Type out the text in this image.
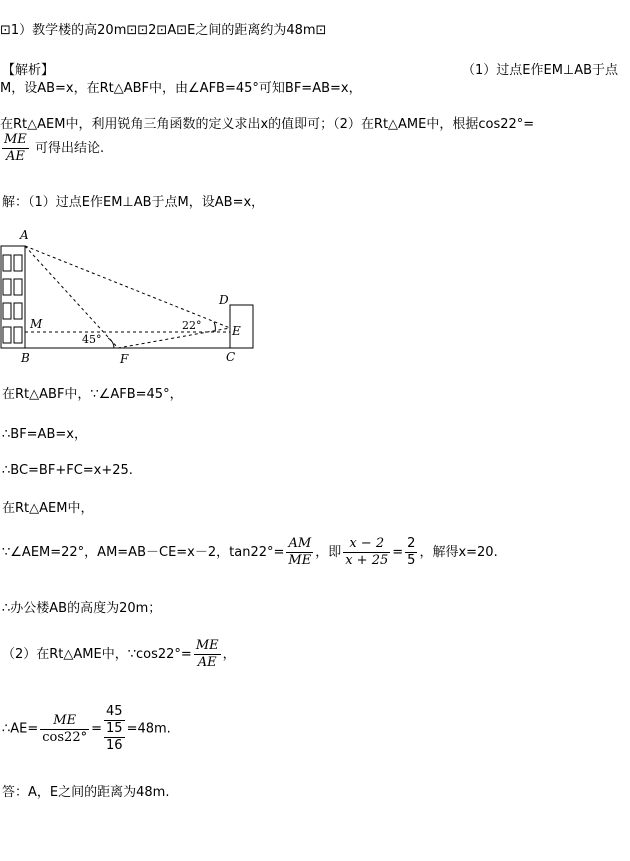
⊡1）教学楼的高20m⊡⊡2⊡A⊡E之间的距离约为48m⊡
【解析】	（1）过点E作EM⊥AB于点
M，设AB=x，在Rt△ABF中，由∠AFB=45°可知BF=AB=x，
在Rt△AEM中，利用锐角三角函数的定义求出x的值即可；（2）在Rt△AME中，根据cos22°=
$\frac{ME}{AE}$ 可得出结论.
解：（1）过点E作EM⊥AB于点M，设AB=x，
A
B	C
D
E
F
M
45°
22°
在Rt△ABF中，∵∠AFB=45°，
∴BF=AB=x，
∴BC=BF+FC=x+25.
在Rt△AEM中，
∵∠AEM=22°，AM=AB－CE=x－2，$\tan 22^\circ= \frac{AM}{ME}$ ，即 $\frac{x - 2}{x + 25} = \frac{2}{5}$ ，解得x=20.
∴办公楼AB的高度为20m；
（2）在Rt△AME中，∵cos22°= $\frac{ME}{AE}$ ，
∴AE= $\frac{ME}{\cos 22^\circ}$ =
45
15
16
=48m.
答：A，E之间的距离为48m.
